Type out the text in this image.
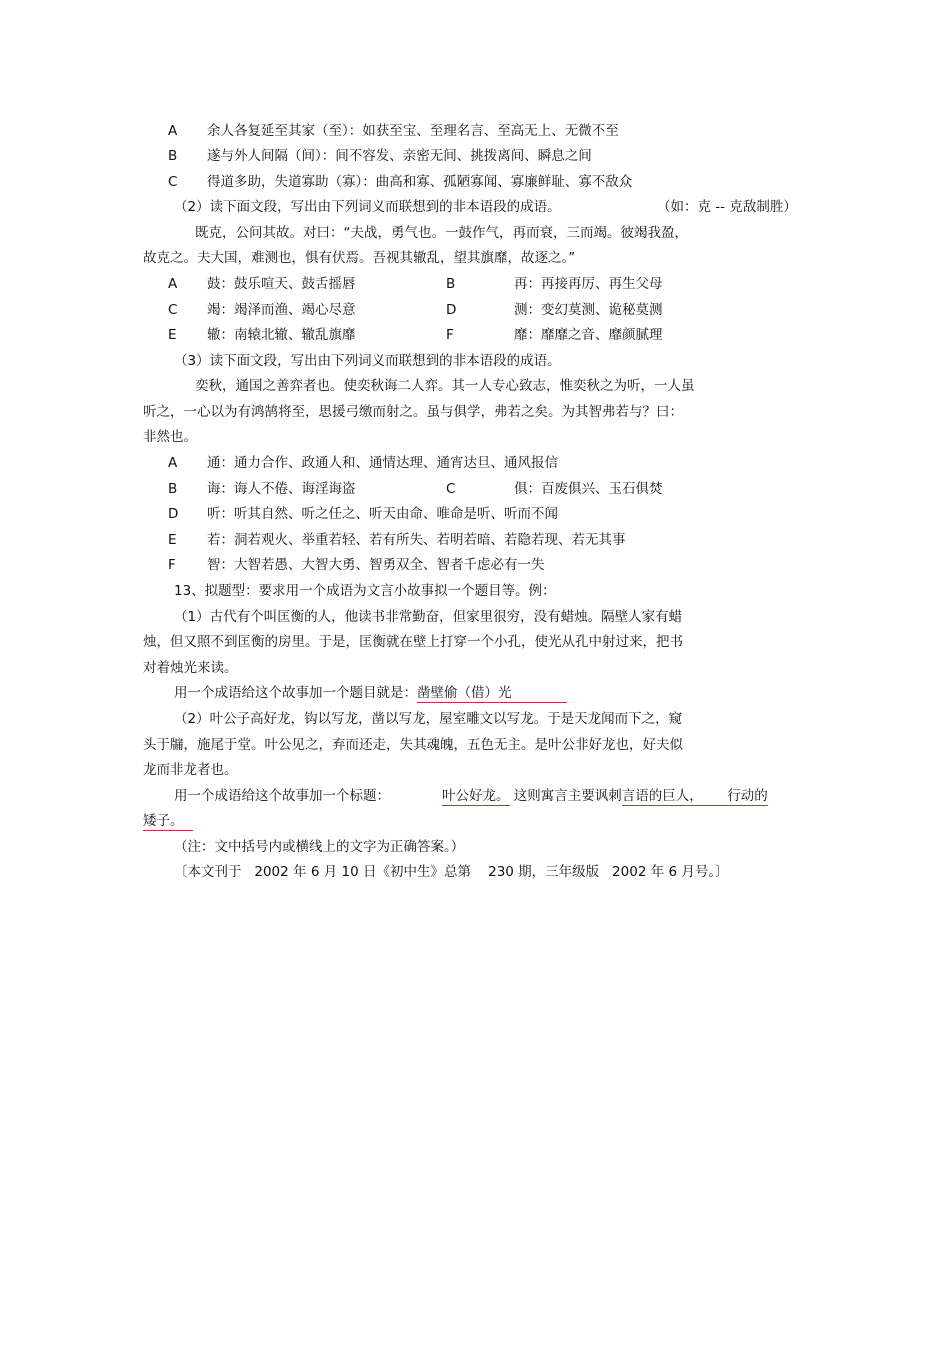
A 余人各复延至其家（至）：如获至宝、至理名言、至高无上、无微不至
B 遂与外人间隔（间）：间不容发、亲密无间、挑拨离间、瞬息之间
C 得道多助，失道寡助（寡）：曲高和寡、孤陋寡闻、寡廉鲜耻、寡不敌众
（2）读下面文段，写出由下列词义而联想到的非本语段的成语。	（如：克 -- 克敌制胜）
既克，公问其故。对曰：“夫战，勇气也。一鼓作气，再而衰，三而竭。彼竭我盈，
故克之。夫大国，难测也，惧有伏焉。吾视其辙乱，望其旗靡，故逐之。”
A 鼓：鼓乐喧天、鼓舌摇唇	B	再：再接再厉、再生父母
C 竭：竭泽而渔、竭心尽意	D	测：变幻莫测、诡秘莫测
E 辙：南辕北辙、辙乱旗靡	F	靡：靡靡之音、靡颜腻理
（3）读下面文段，写出由下列词义而联想到的非本语段的成语。
奕秋，通国之善弈者也。使奕秋诲二人弈。其一人专心致志，惟奕秋之为听，一人虽
听之，一心以为有鸿鹄将至，思援弓缴而射之。虽与俱学，弗若之矣。为其智弗若与？曰：
非然也。
A 通：通力合作、政通人和、通情达理、通宵达旦、通风报信
B 诲：诲人不倦、诲淫诲盗	C	俱：百废俱兴、玉石俱焚
D 听：听其自然、听之任之、听天由命、唯命是听、听而不闻
E 若：洞若观火、举重若轻、若有所失、若明若暗、若隐若现、若无其事
F 智：大智若愚、大智大勇、智勇双全、智者千虑必有一失
13、拟题型：要求用一个成语为文言小故事拟一个题目等。例：
（1）古代有个叫匡衡的人，他读书非常勤奋，但家里很穷，没有蜡烛。隔壁人家有蜡
烛，但又照不到匡衡的房里。于是，匡衡就在壁上打穿一个小孔，使光从孔中射过来，把书
对着烛光来读。
用一个成语给这个故事加一个题目就是：凿壁偷（借）光
（2）叶公子高好龙，钩以写龙，凿以写龙，屋室雕文以写龙。于是天龙闻而下之，窥
头于牖，施尾于堂。叶公见之，弃而还走，失其魂魄，五色无主。是叶公非好龙也，好夫似
龙而非龙者也。
用一个成语给这个故事加一个标题：	叶公好龙。 这则寓言主要讽刺言语的巨人， 行动的
矮子。
（注：文中括号内或横线上的文字为正确答案。）
〔本文刊于   2002 年 6 月 10 日《初中生》总第    230 期，三年级版   2002 年 6 月号。〕
